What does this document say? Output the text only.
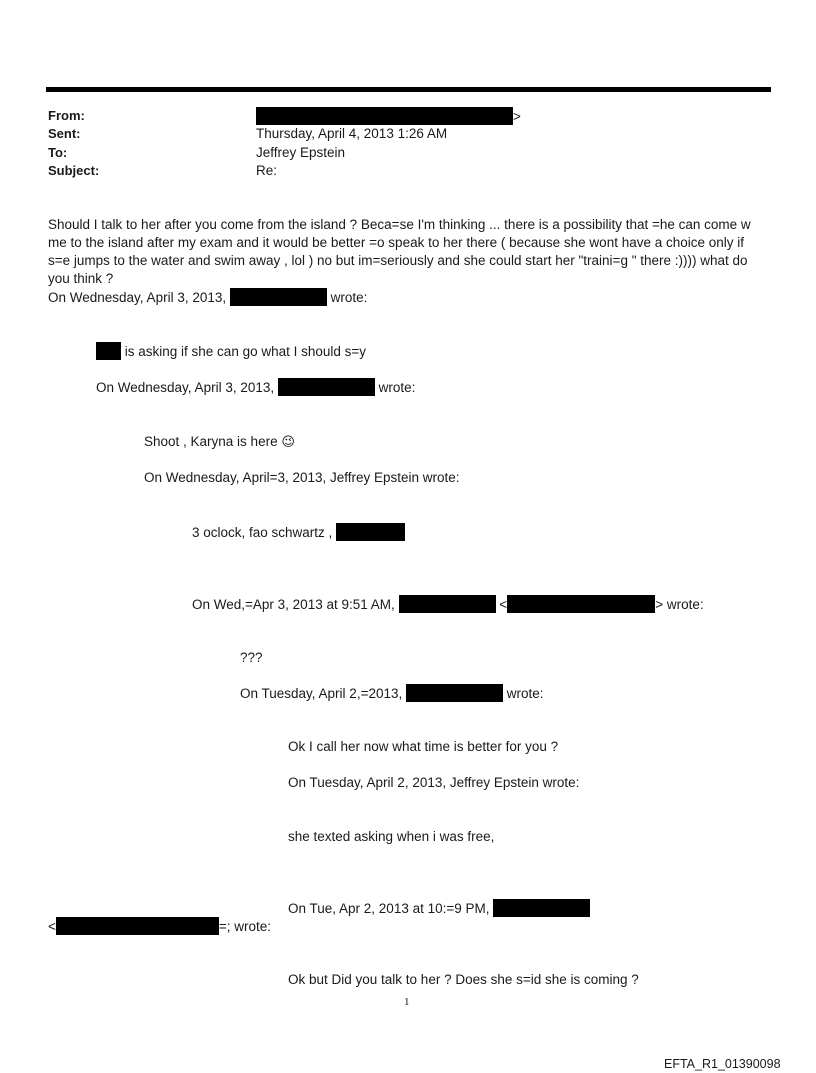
From:	>
Sent:	Thursday, April 4, 2013 1:26 AM
To:	Jeffrey Epstein
Subject:	Re:
Should I talk to her after you come from the island ? Beca=se I'm thinking ... there is a possibility that =he can come w me to the island after my exam and it would be better =o speak to her there ( because she wont have a choice only if s=e jumps to the water and swim away , lol ) no but im=seriously and she could start her "traini=g " there :)))) what do you think ?
On Wednesday, April 3, 2013,	wrote:
is asking if she can go what I should s=y
On Wednesday, April 3, 2013,	wrote:
Shoot , Karyna is here 😉
On Wednesday, April=3, 2013, Jeffrey Epstein wrote:
3 oclock, fao schwartz ,
On Wed,=Apr 3, 2013 at 9:51 AM,	<	> wrote:
???
On Tuesday, April 2,=2013,	wrote:
Ok I call her now what time is better for you ?
On Tuesday, April 2, 2013, Jeffrey Epstein wrote:
she texted asking when i was free,
On Tue, Apr 2, 2013 at 10:=9 PM,
<	=; wrote:
Ok but Did you talk to her ? Does she s=id she is coming ?
1
EFTA_R1_01390098
